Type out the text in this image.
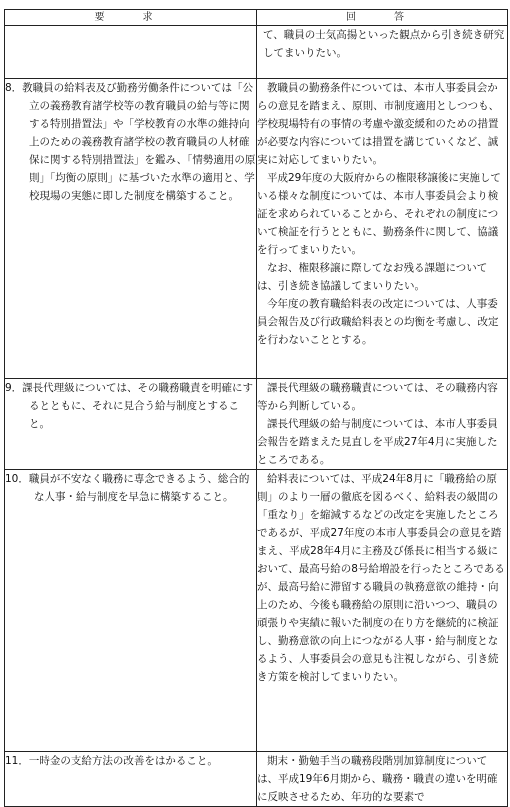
要　求	回　答

	て、職員の士気高揚といった観点から引き続き研究してまいりたい。

8．教職員の給料表及び勤務労働条件については「公立の義務教育諸学校等の教育職員の給与等に関する特別措置法」や「学校教育の水準の維持向上のための義務教育諸学校の教育職員の人材確保に関する特別措置法」を鑑み、「情勢適用の原則」「均衡の原則」に基づいた水準の適用と、学校現場の実態に即した制度を構築すること。	教職員の勤務条件については、本市人事委員会からの意見を踏まえ、原則、市制度適用としつつも、学校現場特有の事情の考慮や激変緩和のための措置が必要な内容については措置を講じていくなど、誠実に対応してまいりたい。

平成29年度の大阪府からの権限移譲後に実施している様々な制度については、本市人事委員会より検証を求められていることから、それぞれの制度について検証を行うとともに、勤務条件に関して、協議を行ってまいりたい。

なお、権限移譲に際してなお残る課題については、引き続き協議してまいりたい。

今年度の教育職給料表の改定については、人事委員会報告及び行政職給料表との均衡を考慮し、改定を行わないこととする。

9．課長代理級については、その職務職責を明確にするとともに、それに見合う給与制度とすること。	課長代理級の職務職責については、その職務内容等から判断している。

課長代理級の給与制度については、本市人事委員会報告を踏まえた見直しを平成27年4月に実施したところである。

10．職員が不安なく職務に専念できるよう、総合的な人事・給与制度を早急に構築すること。	給料表については、平成24年8月に「職務給の原則」のより一層の徹底を図るべく、給料表の級間の「重なり」を縮減するなどの改定を実施したところであるが、平成27年度の本市人事委員会の意見を踏まえ、平成28年4月に主務及び係長に相当する級において、最高号給の8号給増設を行ったところであるが、最高号給に滞留する職員の執務意欲の維持・向上のため、今後も職務給の原則に沿いつつ、職員の頑張りや実績に報いた制度の在り方を継続的に検証し、勤務意欲の向上につながる人事・給与制度となるよう、人事委員会の意見も注視しながら、引き続き方策を検討してまいりたい。

11．一時金の支給方法の改善をはかること。	期末・勤勉手当の職務段階別加算制度については、平成19年6月期から、職務・職責の違いを明確に反映させるため、年功的な要素で
